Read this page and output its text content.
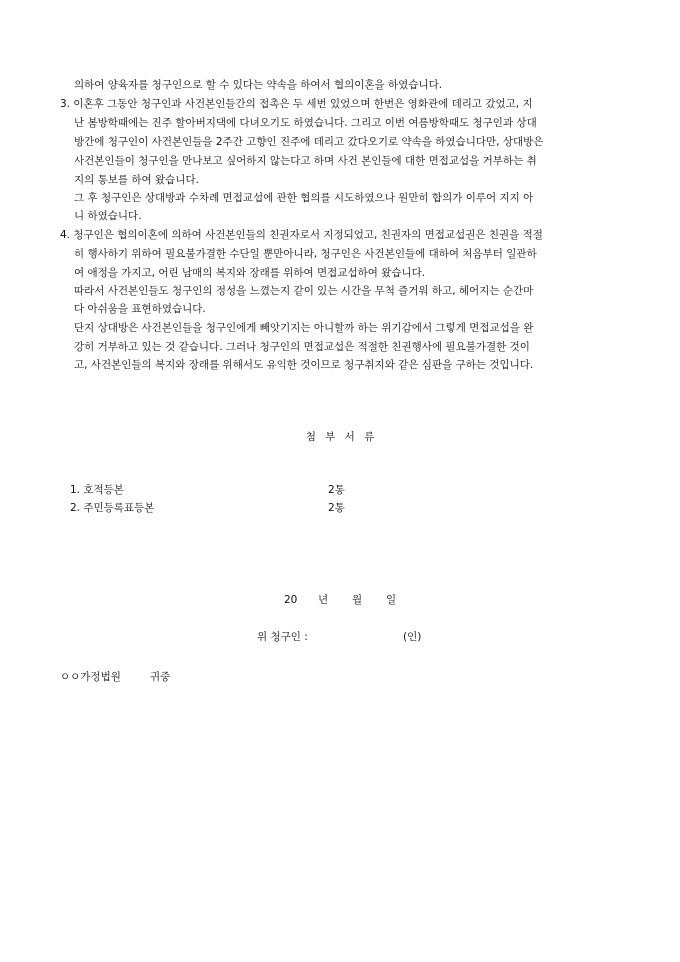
의하여 양육자를 청구인으로 할 수 있다는 약속을 하여서 협의이혼을 하였습니다.
3. 이혼후 그동안 청구인과 사건본인들간의 접촉은 두 세번 있었으며 한번은 영화관에 데리고 갔었고, 지
난 봄방학때에는 진주 할아버지댁에 다녀오기도 하였습니다. 그리고 이번 여름방학때도 청구인과 상대
방간에 청구인이 사건본인들을 2주간 고향인 진주에 데리고 갔다오기로 약속을 하였습니다만, 상대방은
사건본인들이 청구인을 만나보고 싶어하지 않는다고 하며 사건 본인들에 대한 면접교섭을 거부하는 취
지의 통보를 하여 왔습니다.
그 후 청구인은 상대방과 수차례 면접교섭에 관한 협의를 시도하였으나 원만히 합의가 이루어 지지 아
니 하였습니다.
4. 청구인은 협의이혼에 의하여 사건본인들의 친권자로서 지정되었고, 친권자의 면접교섭권은 친권을 적절
히 행사하기 위하여 필요불가결한 수단일 뿐만아니라, 청구인은 사건본인들에 대하여 처음부터 일관하
여 애정을 가지고, 어린 남매의 복지와 장래를 위하여 면접교섭하여 왔습니다.
따라서 사건본인들도 청구인의 정성을 느꼈는지 같이 있는 시간을 무척 즐거워 하고, 헤어지는 순간마
다 아쉬움을 표현하였습니다.
단지 상대방은 사건본인들을 청구인에게 빼앗기지는 아니할까 하는 위기감에서 그렇게 면접교섭을 완
강히 거부하고 있는 것 같습니다. 그러나 청구인의 면접교섭은 적절한 친권행사에 필요불가결한 것이
고, 사건본인들의 복지와 장래를 위해서도 유익한 것이므로 청구취지와 같은 심판을 구하는 것입니다.
첨 부 서 류
1. 호적등본	2통
2. 주민등록표등본	2통
20 년 월 일
위 청구인 :	(인)
ㅇㅇ가정법원	귀중
